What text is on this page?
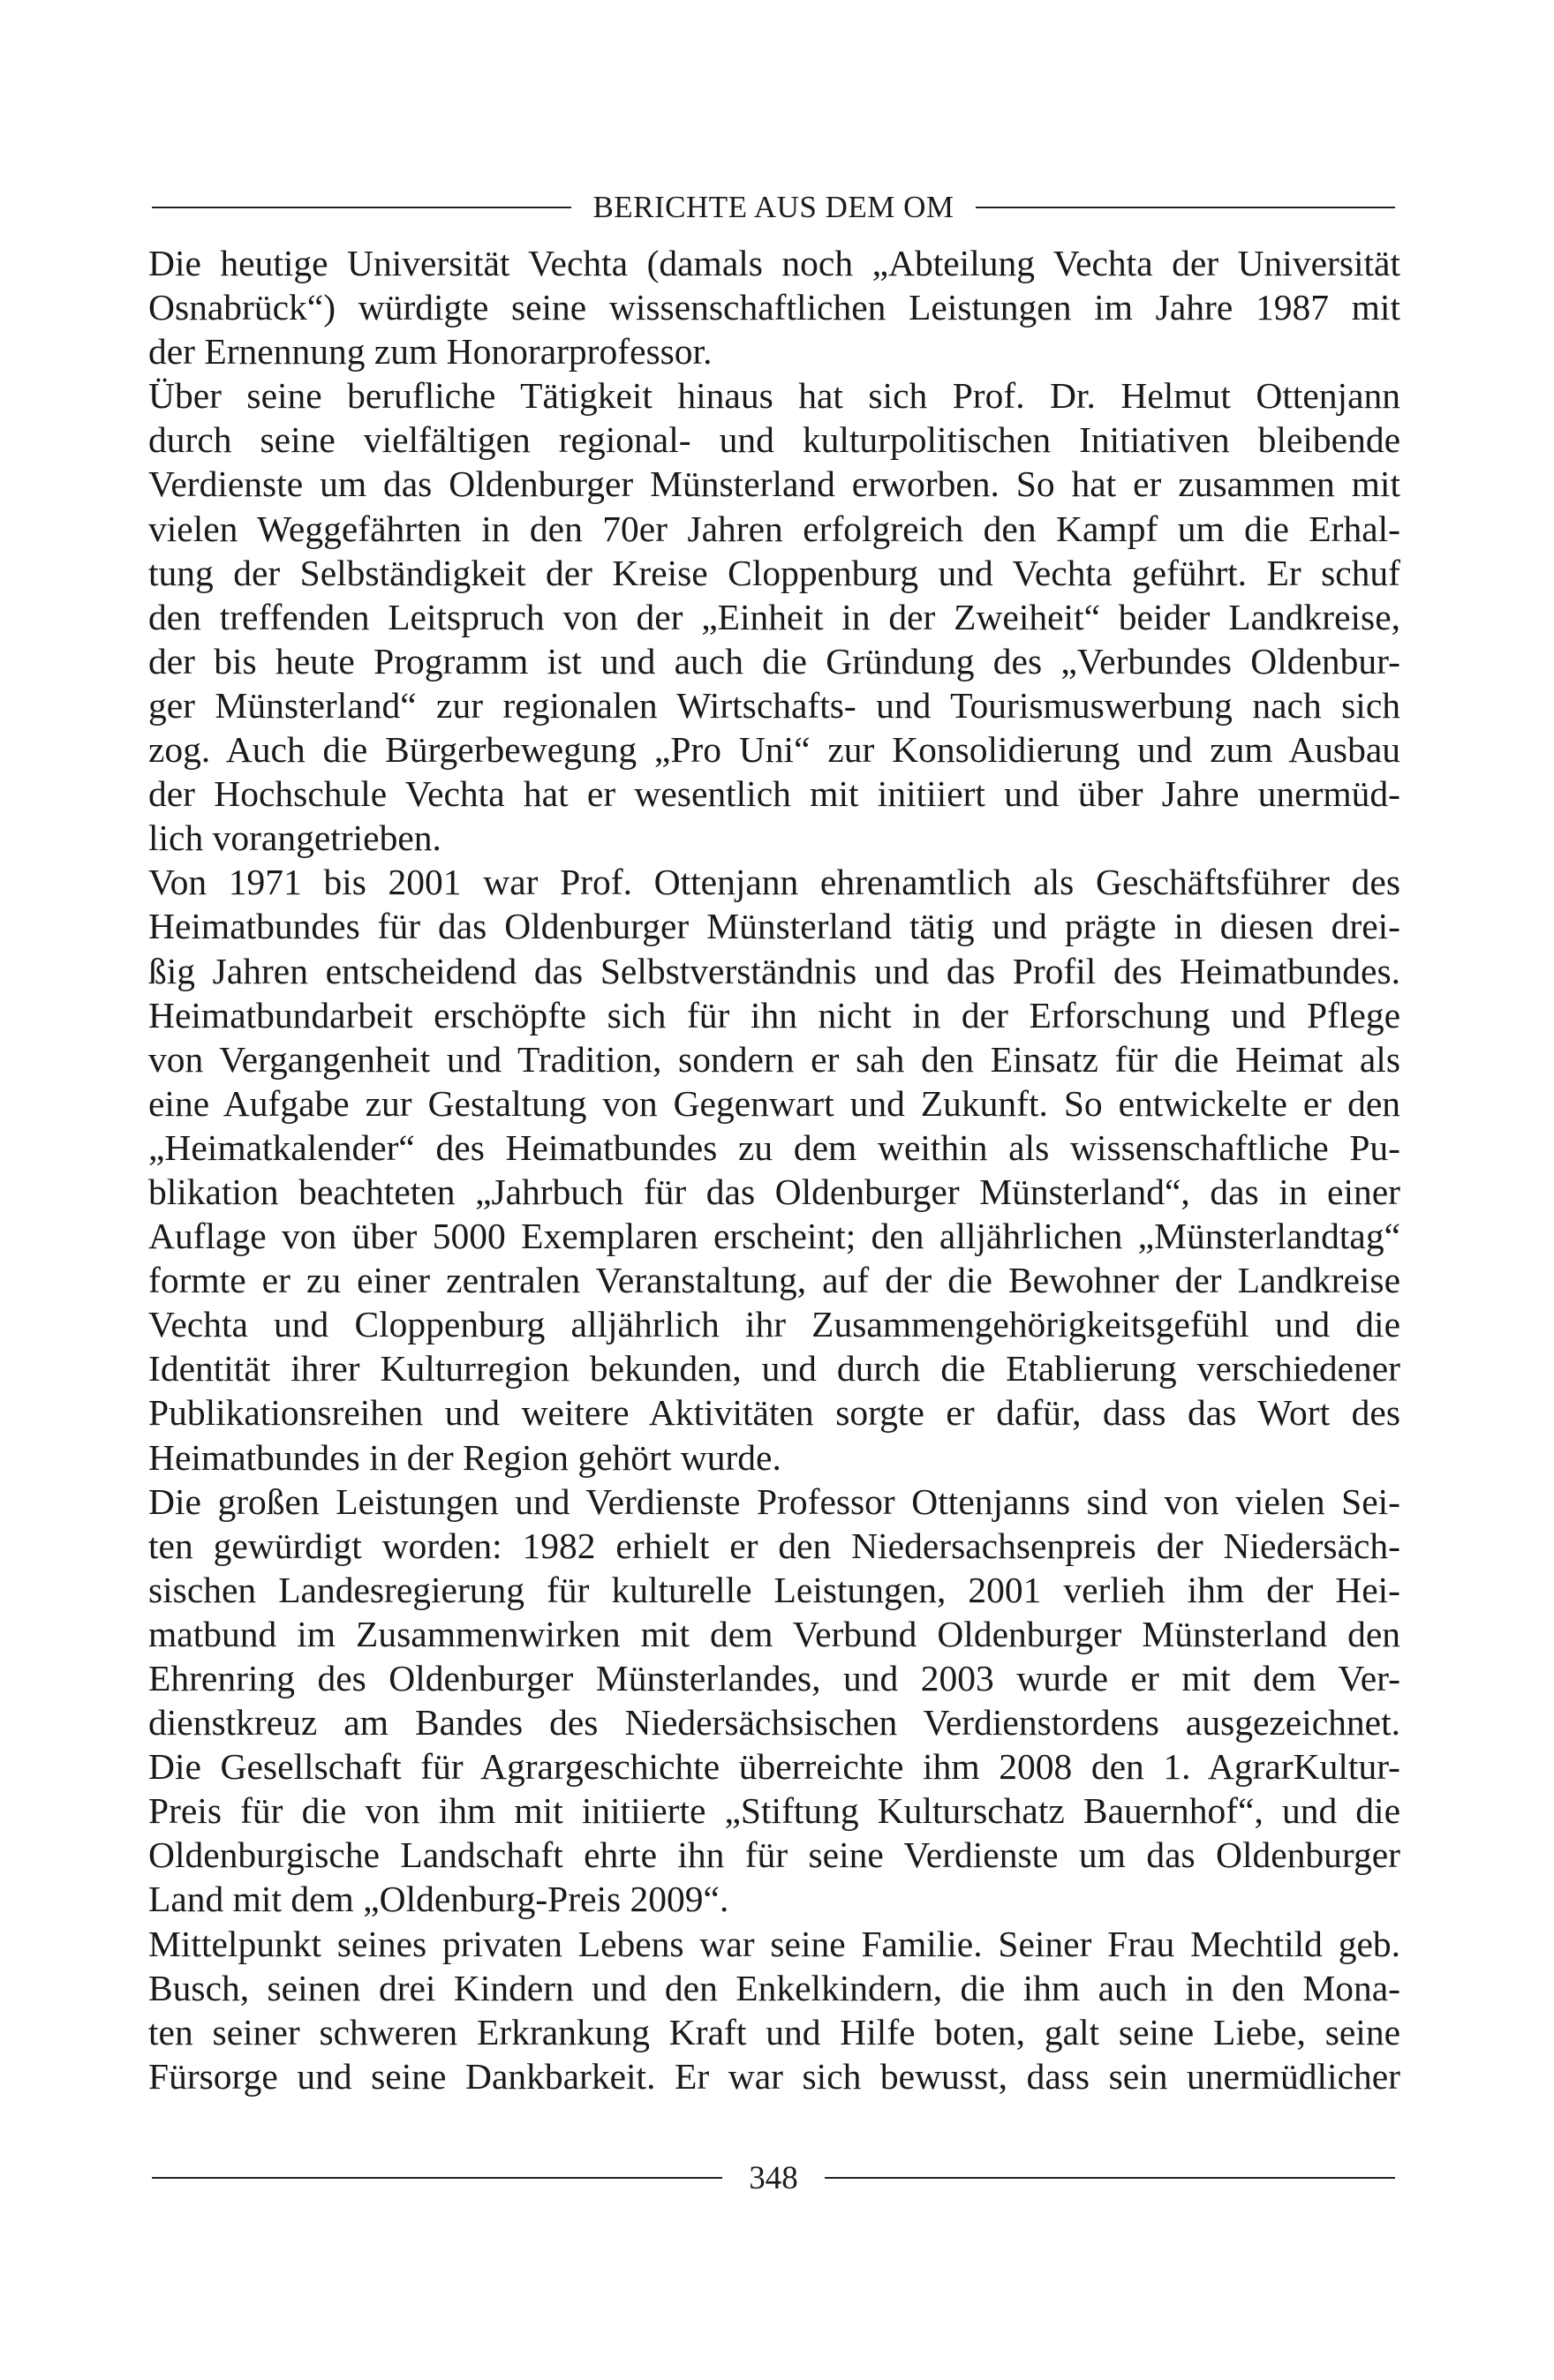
BERICHTE AUS DEM OM

Die heutige Universität Vechta (damals noch „Abteilung Vechta der Universität
Osnabrück“) würdigte seine wissenschaftlichen Leistungen im Jahre 1987 mit
der Ernennung zum Honorarprofessor.

Über seine berufliche Tätigkeit hinaus hat sich Prof. Dr. Helmut Ottenjann
durch seine vielfältigen regional- und kulturpolitischen Initiativen bleibende
Verdienste um das Oldenburger Münsterland erworben. So hat er zusammen mit
vielen Weggefährten in den 70er Jahren erfolgreich den Kampf um die Erhal-
tung der Selbständigkeit der Kreise Cloppenburg und Vechta geführt. Er schuf
den treffenden Leitspruch von der „Einheit in der Zweiheit“ beider Landkreise,
der bis heute Programm ist und auch die Gründung des „Verbundes Oldenbur-
ger Münsterland“ zur regionalen Wirtschafts- und Tourismuswerbung nach sich
zog. Auch die Bürgerbewegung „Pro Uni“ zur Konsolidierung und zum Ausbau
der Hochschule Vechta hat er wesentlich mit initiiert und über Jahre unermüd-
lich vorangetrieben.

Von 1971 bis 2001 war Prof. Ottenjann ehrenamtlich als Geschäftsführer des
Heimatbundes für das Oldenburger Münsterland tätig und prägte in diesen drei-
ßig Jahren entscheidend das Selbstverständnis und das Profil des Heimatbundes.
Heimatbundarbeit erschöpfte sich für ihn nicht in der Erforschung und Pflege
von Vergangenheit und Tradition, sondern er sah den Einsatz für die Heimat als
eine Aufgabe zur Gestaltung von Gegenwart und Zukunft. So entwickelte er den
„Heimatkalender“ des Heimatbundes zu dem weithin als wissenschaftliche Pu-
blikation beachteten „Jahrbuch für das Oldenburger Münsterland“, das in einer
Auflage von über 5000 Exemplaren erscheint; den alljährlichen „Münsterlandtag“
formte er zu einer zentralen Veranstaltung, auf der die Bewohner der Landkreise
Vechta und Cloppenburg alljährlich ihr Zusammengehörigkeitsgefühl und die
Identität ihrer Kulturregion bekunden, und durch die Etablierung verschiedener
Publikationsreihen und weitere Aktivitäten sorgte er dafür, dass das Wort des
Heimatbundes in der Region gehört wurde.

Die großen Leistungen und Verdienste Professor Ottenjanns sind von vielen Sei-
ten gewürdigt worden: 1982 erhielt er den Niedersachsenpreis der Niedersäch-
sischen Landesregierung für kulturelle Leistungen, 2001 verlieh ihm der Hei-
matbund im Zusammenwirken mit dem Verbund Oldenburger Münsterland den
Ehrenring des Oldenburger Münsterlandes, und 2003 wurde er mit dem Ver-
dienstkreuz am Bandes des Niedersächsischen Verdienstordens ausgezeichnet.
Die Gesellschaft für Agrargeschichte überreichte ihm 2008 den 1. AgrarKultur-
Preis für die von ihm mit initiierte „Stiftung Kulturschatz Bauernhof“, und die
Oldenburgische Landschaft ehrte ihn für seine Verdienste um das Oldenburger
Land mit dem „Oldenburg-Preis 2009“.

Mittelpunkt seines privaten Lebens war seine Familie. Seiner Frau Mechtild geb.
Busch, seinen drei Kindern und den Enkelkindern, die ihm auch in den Mona-
ten seiner schweren Erkrankung Kraft und Hilfe boten, galt seine Liebe, seine
Fürsorge und seine Dankbarkeit. Er war sich bewusst, dass sein unermüdlicher

348
